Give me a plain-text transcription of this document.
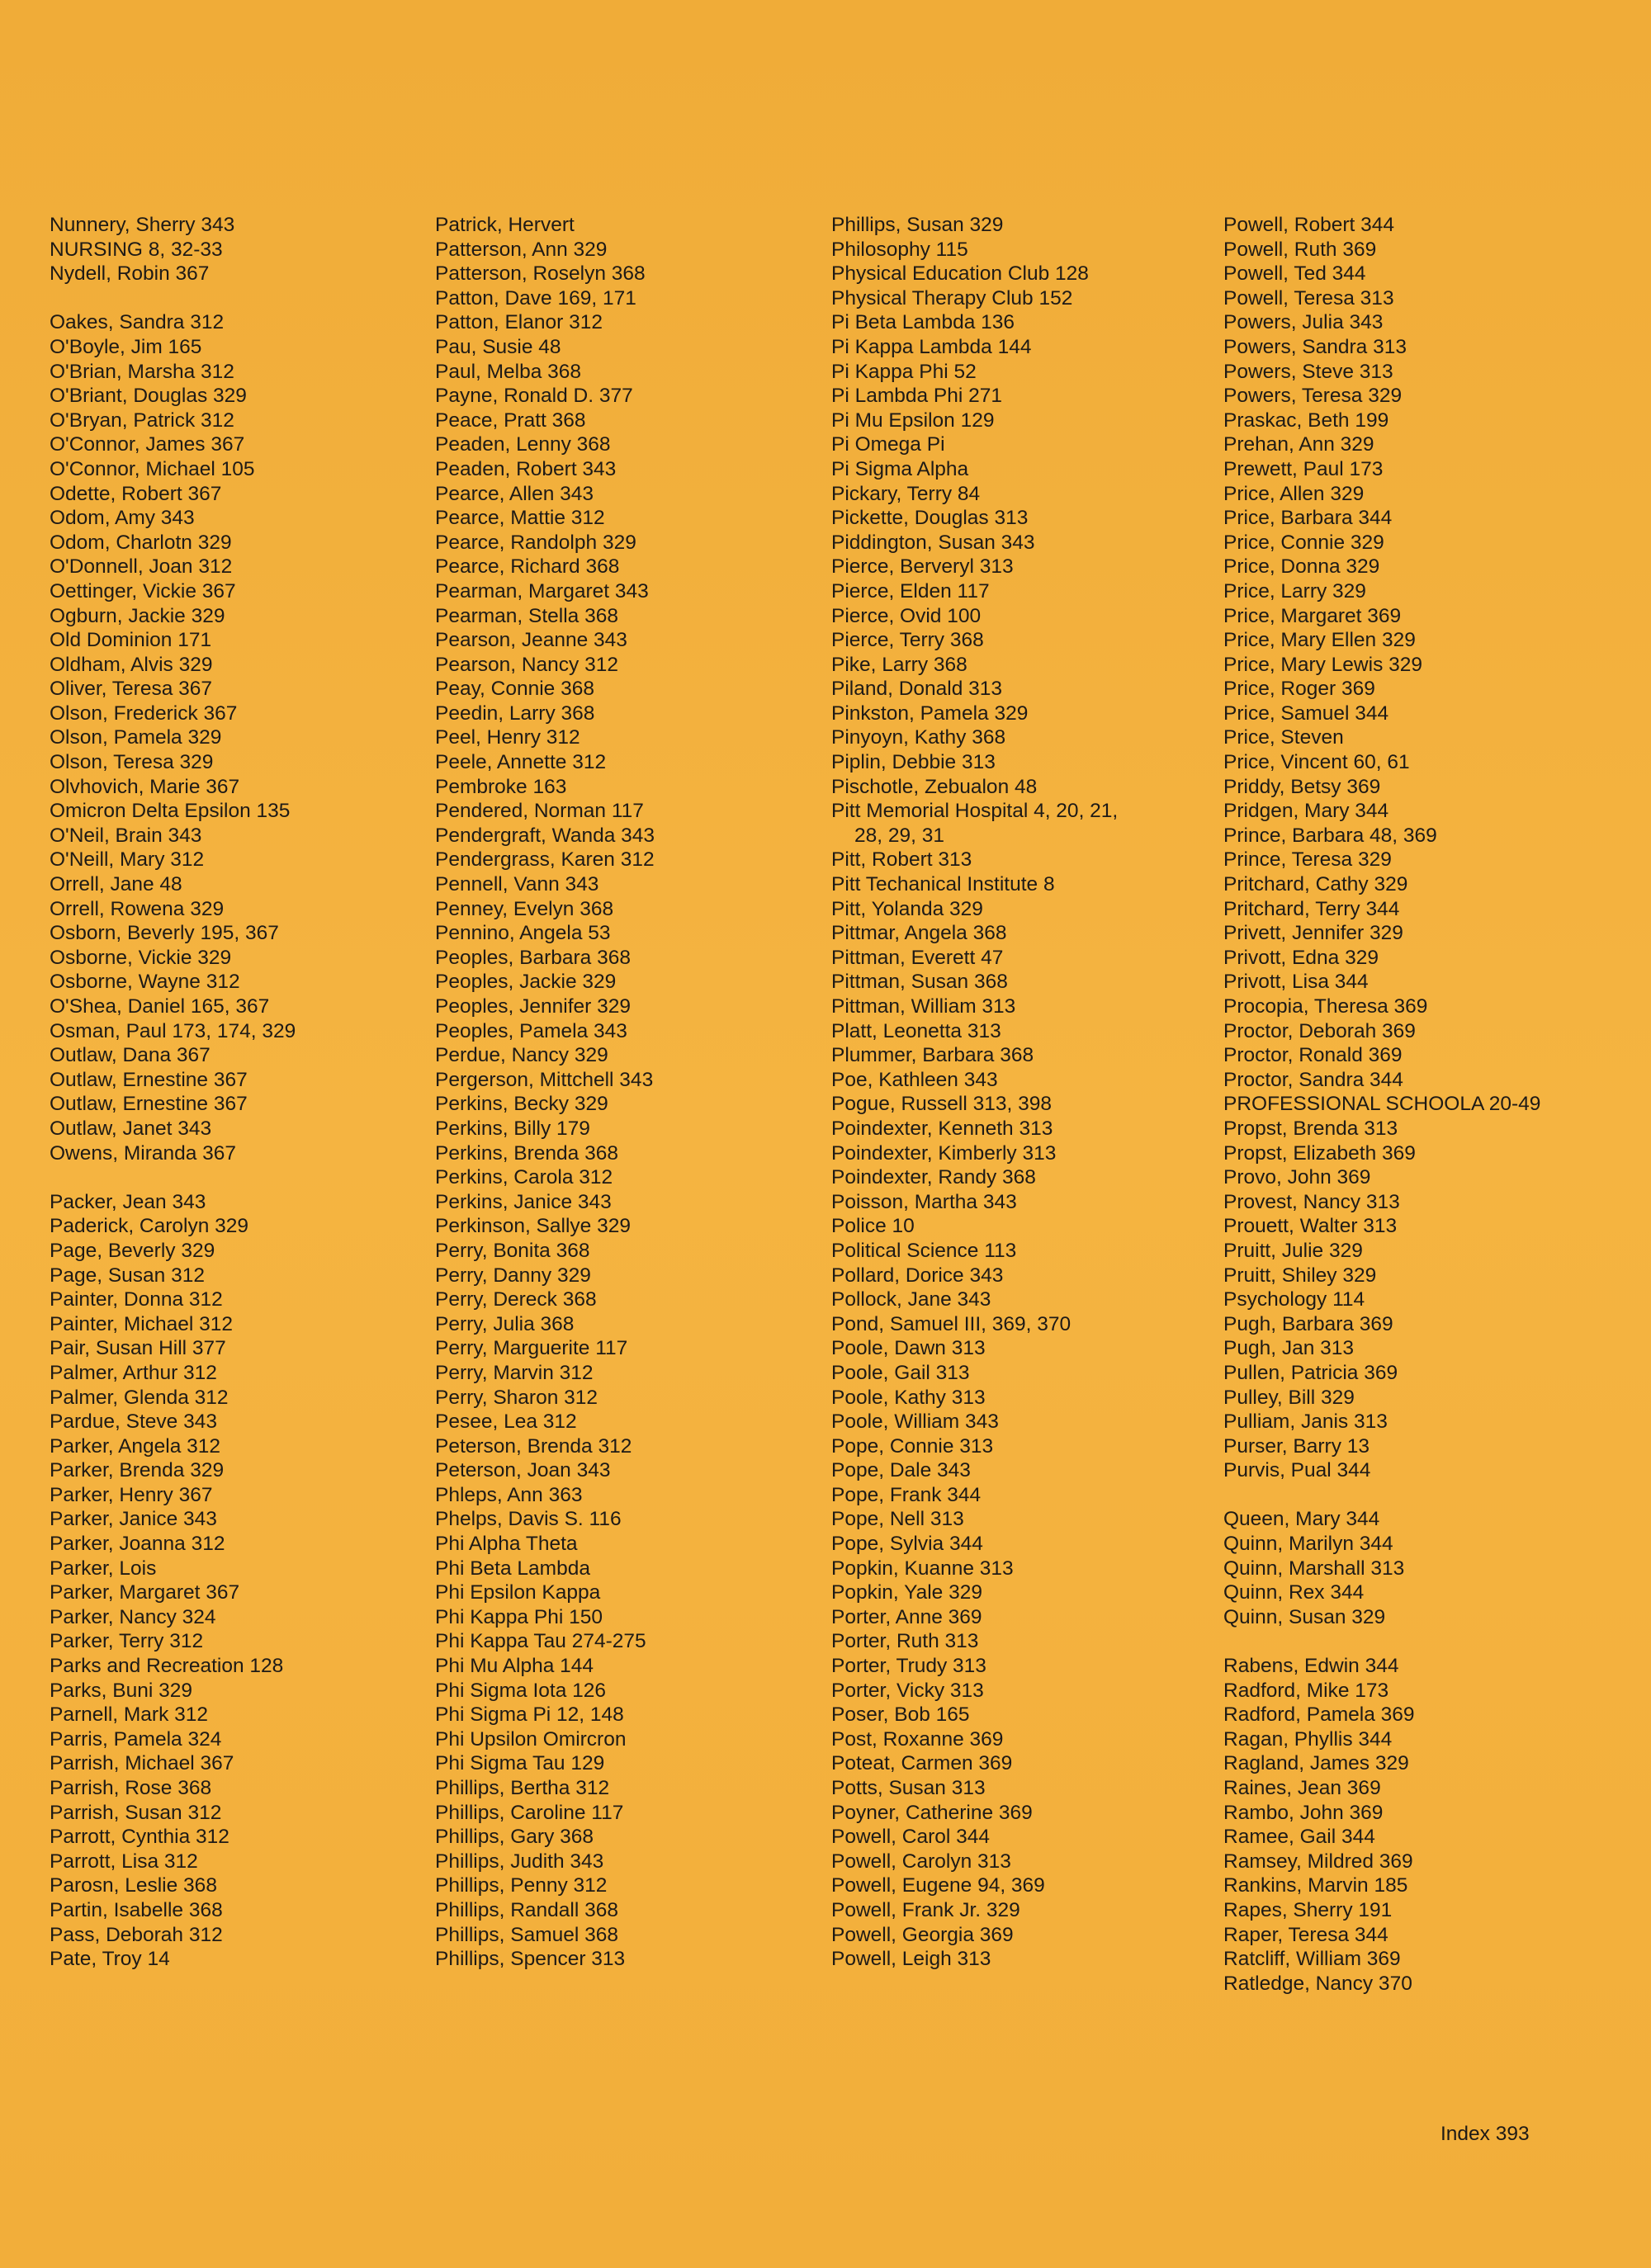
Nunnery, Sherry 343
NURSING 8, 32-33
Nydell, Robin 367
Oakes, Sandra 312
O'Boyle, Jim 165
O'Brian, Marsha 312
O'Briant, Douglas 329
O'Bryan, Patrick 312
O'Connor, James 367
O'Connor, Michael 105
Odette, Robert 367
Odom, Amy 343
Odom, Charlotn 329
O'Donnell, Joan 312
Oettinger, Vickie 367
Ogburn, Jackie 329
Old Dominion 171
Oldham, Alvis 329
Oliver, Teresa 367
Olson, Frederick 367
Olson, Pamela 329
Olson, Teresa 329
Olvhovich, Marie 367
Omicron Delta Epsilon 135
O'Neil, Brain 343
O'Neill, Mary 312
Orrell, Jane 48
Orrell, Rowena 329
Osborn, Beverly 195, 367
Osborne, Vickie 329
Osborne, Wayne 312
O'Shea, Daniel 165, 367
Osman, Paul 173, 174, 329
Outlaw, Dana 367
Outlaw, Ernestine 367
Outlaw, Ernestine 367
Outlaw, Janet 343
Owens, Miranda 367
Packer, Jean 343
Paderick, Carolyn 329
Page, Beverly 329
Page, Susan 312
Painter, Donna 312
Painter, Michael 312
Pair, Susan Hill 377
Palmer, Arthur 312
Palmer, Glenda 312
Pardue, Steve 343
Parker, Angela 312
Parker, Brenda 329
Parker, Henry 367
Parker, Janice 343
Parker, Joanna 312
Parker, Lois
Parker, Margaret 367
Parker, Nancy 324
Parker, Terry 312
Parks and Recreation 128
Parks, Buni 329
Parnell, Mark 312
Parris, Pamela 324
Parrish, Michael 367
Parrish, Rose 368
Parrish, Susan 312
Parrott, Cynthia 312
Parrott, Lisa 312
Parosn, Leslie 368
Partin, Isabelle 368
Pass, Deborah 312
Pate, Troy 14
Patrick, Hervert
Patterson, Ann 329
Patterson, Roselyn 368
Patton, Dave 169, 171
Patton, Elanor 312
Pau, Susie 48
Paul, Melba 368
Payne, Ronald D. 377
Peace, Pratt 368
Peaden, Lenny 368
Peaden, Robert 343
Pearce, Allen 343
Pearce, Mattie 312
Pearce, Randolph 329
Pearce, Richard 368
Pearman, Margaret 343
Pearman, Stella 368
Pearson, Jeanne 343
Pearson, Nancy 312
Peay, Connie 368
Peedin, Larry 368
Peel, Henry 312
Peele, Annette 312
Pembroke 163
Pendered, Norman 117
Pendergraft, Wanda 343
Pendergrass, Karen 312
Pennell, Vann 343
Penney, Evelyn 368
Pennino, Angela 53
Peoples, Barbara 368
Peoples, Jackie 329
Peoples, Jennifer 329
Peoples, Pamela 343
Perdue, Nancy 329
Pergerson, Mittchell 343
Perkins, Becky 329
Perkins, Billy 179
Perkins, Brenda 368
Perkins, Carola 312
Perkins, Janice 343
Perkinson, Sallye 329
Perry, Bonita 368
Perry, Danny 329
Perry, Dereck 368
Perry, Julia 368
Perry, Marguerite 117
Perry, Marvin 312
Perry, Sharon 312
Pesee, Lea 312
Peterson, Brenda 312
Peterson, Joan 343
Phleps, Ann 363
Phelps, Davis S. 116
Phi Alpha Theta
Phi Beta Lambda
Phi Epsilon Kappa
Phi Kappa Phi 150
Phi Kappa Tau 274-275
Phi Mu Alpha 144
Phi Sigma Iota 126
Phi Sigma Pi 12, 148
Phi Upsilon Omircron
Phi Sigma Tau 129
Phillips, Bertha 312
Phillips, Caroline 117
Phillips, Gary 368
Phillips, Judith 343
Phillips, Penny 312
Phillips, Randall 368
Phillips, Samuel 368
Phillips, Spencer 313
Phillips, Susan 329
Philosophy 115
Physical Education Club 128
Physical Therapy Club 152
Pi Beta Lambda 136
Pi Kappa Lambda 144
Pi Kappa Phi 52
Pi Lambda Phi 271
Pi Mu Epsilon 129
Pi Omega Pi
Pi Sigma Alpha
Pickary, Terry 84
Pickette, Douglas 313
Piddington, Susan 343
Pierce, Berveryl 313
Pierce, Elden 117
Pierce, Ovid 100
Pierce, Terry 368
Pike, Larry 368
Piland, Donald 313
Pinkston, Pamela 329
Pinyoyn, Kathy 368
Piplin, Debbie 313
Pischotle, Zebualon 48
Pitt Memorial Hospital 4, 20, 21,
28, 29, 31
Pitt, Robert 313
Pitt Techanical Institute 8
Pitt, Yolanda 329
Pittmar, Angela 368
Pittman, Everett 47
Pittman, Susan 368
Pittman, William 313
Platt, Leonetta 313
Plummer, Barbara 368
Poe, Kathleen 343
Pogue, Russell 313, 398
Poindexter, Kenneth 313
Poindexter, Kimberly 313
Poindexter, Randy 368
Poisson, Martha 343
Police 10
Political Science 113
Pollard, Dorice 343
Pollock, Jane 343
Pond, Samuel III, 369, 370
Poole, Dawn 313
Poole, Gail 313
Poole, Kathy 313
Poole, William 343
Pope, Connie 313
Pope, Dale 343
Pope, Frank 344
Pope, Nell 313
Pope, Sylvia 344
Popkin, Kuanne 313
Popkin, Yale 329
Porter, Anne 369
Porter, Ruth 313
Porter, Trudy 313
Porter, Vicky 313
Poser, Bob 165
Post, Roxanne 369
Poteat, Carmen 369
Potts, Susan 313
Poyner, Catherine 369
Powell, Carol 344
Powell, Carolyn 313
Powell, Eugene 94, 369
Powell, Frank Jr. 329
Powell, Georgia 369
Powell, Leigh 313
Powell, Robert 344
Powell, Ruth 369
Powell, Ted 344
Powell, Teresa 313
Powers, Julia 343
Powers, Sandra 313
Powers, Steve 313
Powers, Teresa 329
Praskac, Beth 199
Prehan, Ann 329
Prewett, Paul 173
Price, Allen 329
Price, Barbara 344
Price, Connie 329
Price, Donna 329
Price, Larry 329
Price, Margaret 369
Price, Mary Ellen 329
Price, Mary Lewis 329
Price, Roger 369
Price, Samuel 344
Price, Steven
Price, Vincent 60, 61
Priddy, Betsy 369
Pridgen, Mary 344
Prince, Barbara 48, 369
Prince, Teresa 329
Pritchard, Cathy 329
Pritchard, Terry 344
Privett, Jennifer 329
Privott, Edna 329
Privott, Lisa 344
Procopia, Theresa 369
Proctor, Deborah 369
Proctor, Ronald 369
Proctor, Sandra 344
PROFESSIONAL SCHOOLA 20-49
Propst, Brenda 313
Propst, Elizabeth 369
Provo, John 369
Provest, Nancy 313
Prouett, Walter 313
Pruitt, Julie 329
Pruitt, Shiley 329
Psychology 114
Pugh, Barbara 369
Pugh, Jan 313
Pullen, Patricia 369
Pulley, Bill 329
Pulliam, Janis 313
Purser, Barry 13
Purvis, Pual 344
Queen, Mary 344
Quinn, Marilyn 344
Quinn, Marshall 313
Quinn, Rex 344
Quinn, Susan 329
Rabens, Edwin 344
Radford, Mike 173
Radford, Pamela 369
Ragan, Phyllis 344
Ragland, James 329
Raines, Jean 369
Rambo, John 369
Ramee, Gail 344
Ramsey, Mildred 369
Rankins, Marvin 185
Rapes, Sherry 191
Raper, Teresa 344
Ratcliff, William 369
Ratledge, Nancy 370
Index 393
